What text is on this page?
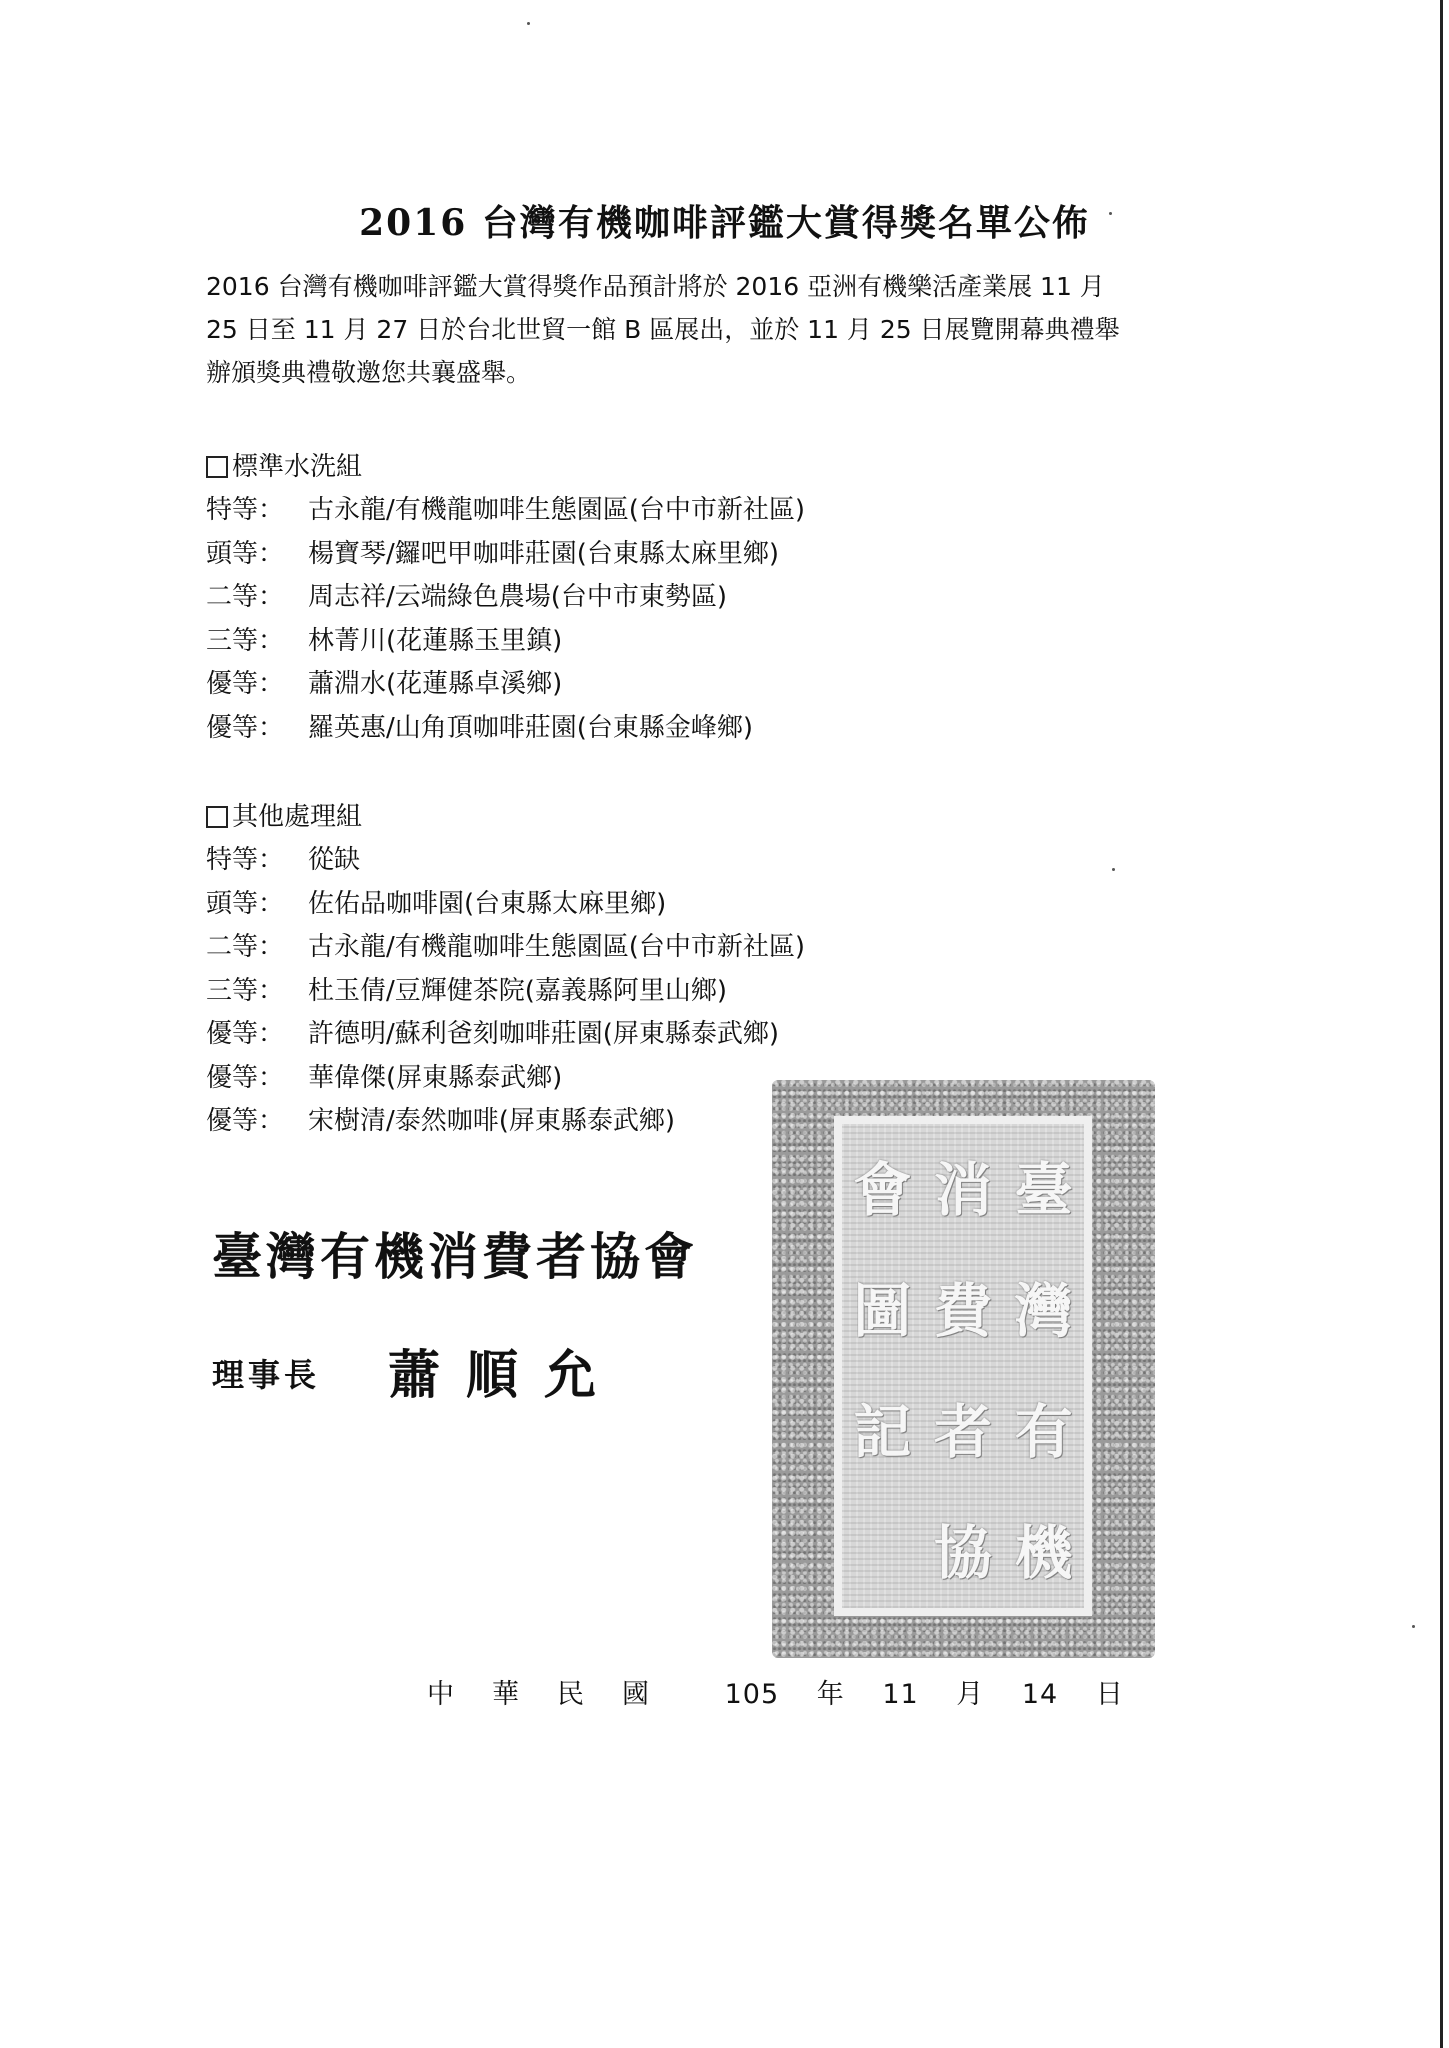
2016 台灣有機咖啡評鑑大賞得獎名單公佈
2016 台灣有機咖啡評鑑大賞得獎作品預計將於 2016 亞洲有機樂活產業展 11 月
25 日至 11 月 27 日於台北世貿一館 B 區展出，並於 11 月 25 日展覽開幕典禮舉
辦頒獎典禮敬邀您共襄盛舉。
標準水洗組
特等： 古永龍/有機龍咖啡生態園區(台中市新社區)
頭等： 楊寶琴/鑼吧甲咖啡莊園(台東縣太麻里鄉)
二等： 周志祥/云端綠色農場(台中市東勢區)
三等： 林菁川(花蓮縣玉里鎮)
優等： 蕭淵水(花蓮縣卓溪鄉)
優等： 羅英惠/山角頂咖啡莊園(台東縣金峰鄉)
其他處理組
特等： 從缺
頭等： 佐佑品咖啡園(台東縣太麻里鄉)
二等： 古永龍/有機龍咖啡生態園區(台中市新社區)
三等： 杜玉倩/豆輝健茶院(嘉義縣阿里山鄉)
優等： 許德明/蘇利爸刻咖啡莊園(屏東縣泰武鄉)
優等： 華偉傑(屏東縣泰武鄉)
優等： 宋樹清/泰然咖啡(屏東縣泰武鄉)
會 消 臺
圖 費 灣
記 者 有
協 機
臺灣有機消費者協會
理事長 蕭順允
中華民國 105 年 11 月 14 日
